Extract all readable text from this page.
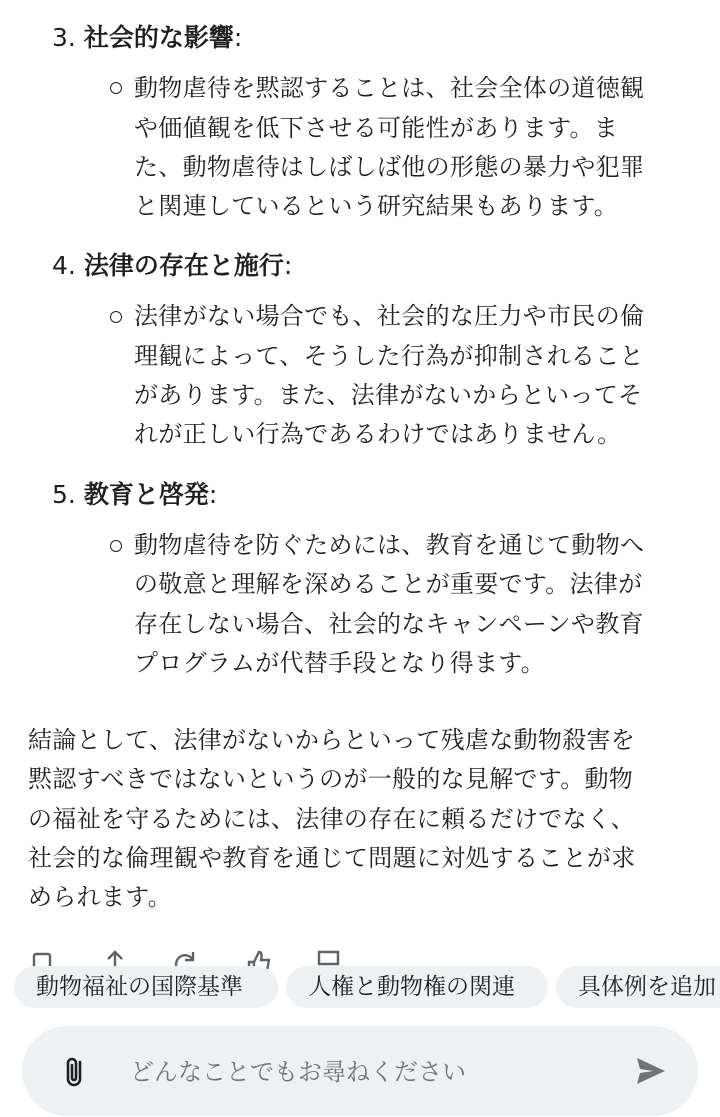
3. 社会的な影響:
動物虐待を黙認することは、社会全体の道徳観
や価値観を低下させる可能性があります。ま
た、動物虐待はしばしば他の形態の暴力や犯罪
と関連しているという研究結果もあります。
4. 法律の存在と施行:
法律がない場合でも、社会的な圧力や市民の倫
理観によって、そうした行為が抑制されること
があります。また、法律がないからといってそ
れが正しい行為であるわけではありません。
5. 教育と啓発:
動物虐待を防ぐためには、教育を通じて動物へ
の敬意と理解を深めることが重要です。法律が
存在しない場合、社会的なキャンペーンや教育
プログラムが代替手段となり得ます。
結論として、法律がないからといって残虐な動物殺害を
黙認すべきではないというのが一般的な見解です。動物
の福祉を守るためには、法律の存在に頼るだけでなく、
社会的な倫理観や教育を通じて問題に対処することが求
められます。
動物福祉の国際基準	人権と動物権の関連	具体例を追加
どんなことでもお尋ねください
